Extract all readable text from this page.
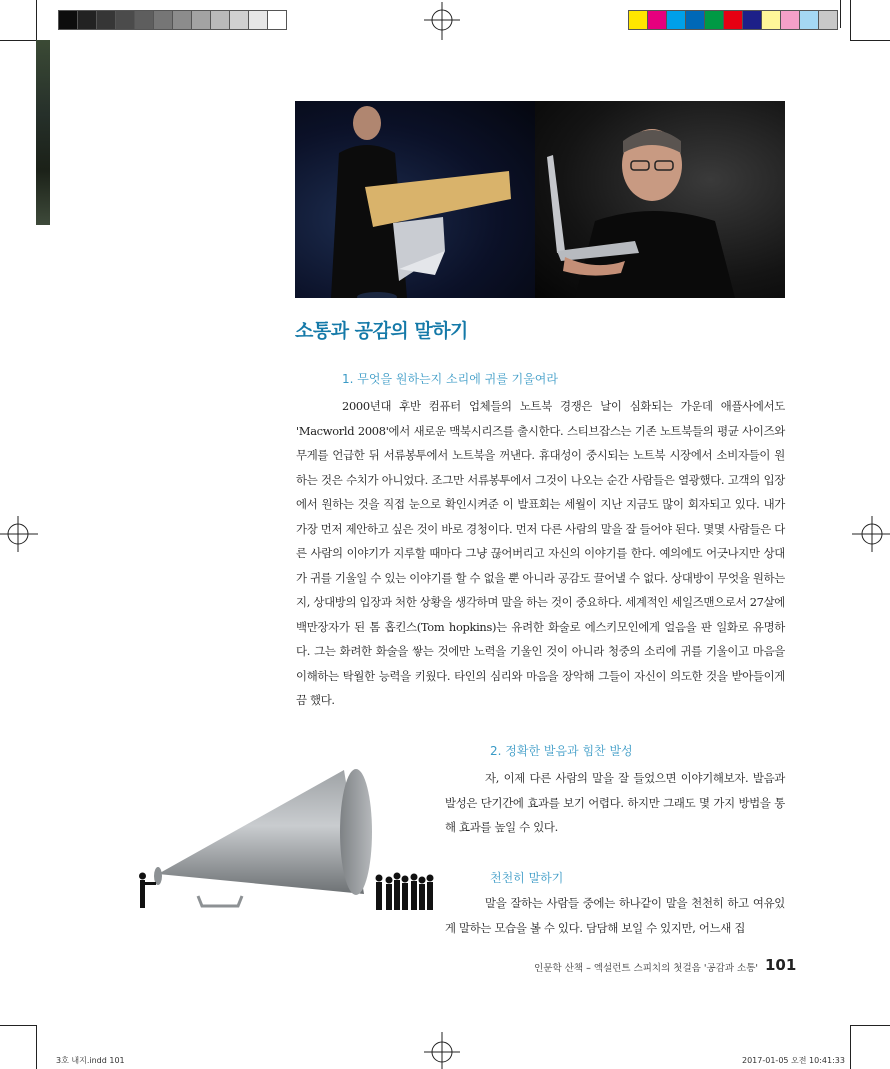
소통과 공감의 말하기
1. 무엇을 원하는지 소리에 귀를 기울여라
2000년대 후반 컴퓨터 업체들의 노트북 경쟁은 날이 심화되는 가운데 애플사에서도 'Macworld 2008'에서 새로운 맥북시리즈를 출시한다. 스티브잡스는 기존 노트북들의 평균 사이즈와 무게를 언급한 뒤 서류봉투에서 노트북을 꺼낸다. 휴대성이 중시되는 노트북 시장에서 소비자들이 원하는 것은 수치가 아니었다. 조그만 서류봉투에서 그것이 나오는 순간 사람들은 열광했다. 고객의 입장에서 원하는 것을 직접 눈으로 확인시켜준 이 발표회는 세월이 지난 지금도 많이 회자되고 있다. 내가 가장 먼저 제안하고 싶은 것이 바로 경청이다. 먼저 다른 사람의 말을 잘 들어야 된다. 몇몇 사람들은 다른 사람의 이야기가 지루할 때마다 그냥 끊어버리고 자신의 이야기를 한다. 예의에도 어긋나지만 상대가 귀를 기울일 수 있는 이야기를 할 수 없을 뿐 아니라 공감도 끌어낼 수 없다. 상대방이 무엇을 원하는지, 상대방의 입장과 처한 상황을 생각하며 말을 하는 것이 중요하다. 세계적인 세일즈맨으로서 27살에 백만장자가 된 톰 홉킨스(Tom hopkins)는 유려한 화술로 에스키모인에게 얼음을 판 일화로 유명하다. 그는 화려한 화술을 쌓는 것에만 노력을 기울인 것이 아니라 청중의 소리에 귀를 기울이고 마음을 이해하는 탁월한 능력을 키웠다. 타인의 심리와 마음을 장악해 그들이 자신이 의도한 것을 받아들이게끔 했다.
2. 정확한 발음과 힘찬 발성
자, 이제 다른 사람의 말을 잘 들었으면 이야기해보자. 발음과 발성은 단기간에 효과를 보기 어렵다. 하지만 그래도 몇 가지 방법을 통해 효과를 높일 수 있다.
천천히 말하기
말을 잘하는 사람들 중에는 하나같이 말을 천천히 하고 여유있게 말하는 모습을 볼 수 있다. 담담해 보일 수 있지만, 어느새 집
인문학 산책 – 엑설런트 스피치의 첫걸음 '공감과 소통' 101
3호 내지.indd 101	2017-01-05 오전 10:41:33
